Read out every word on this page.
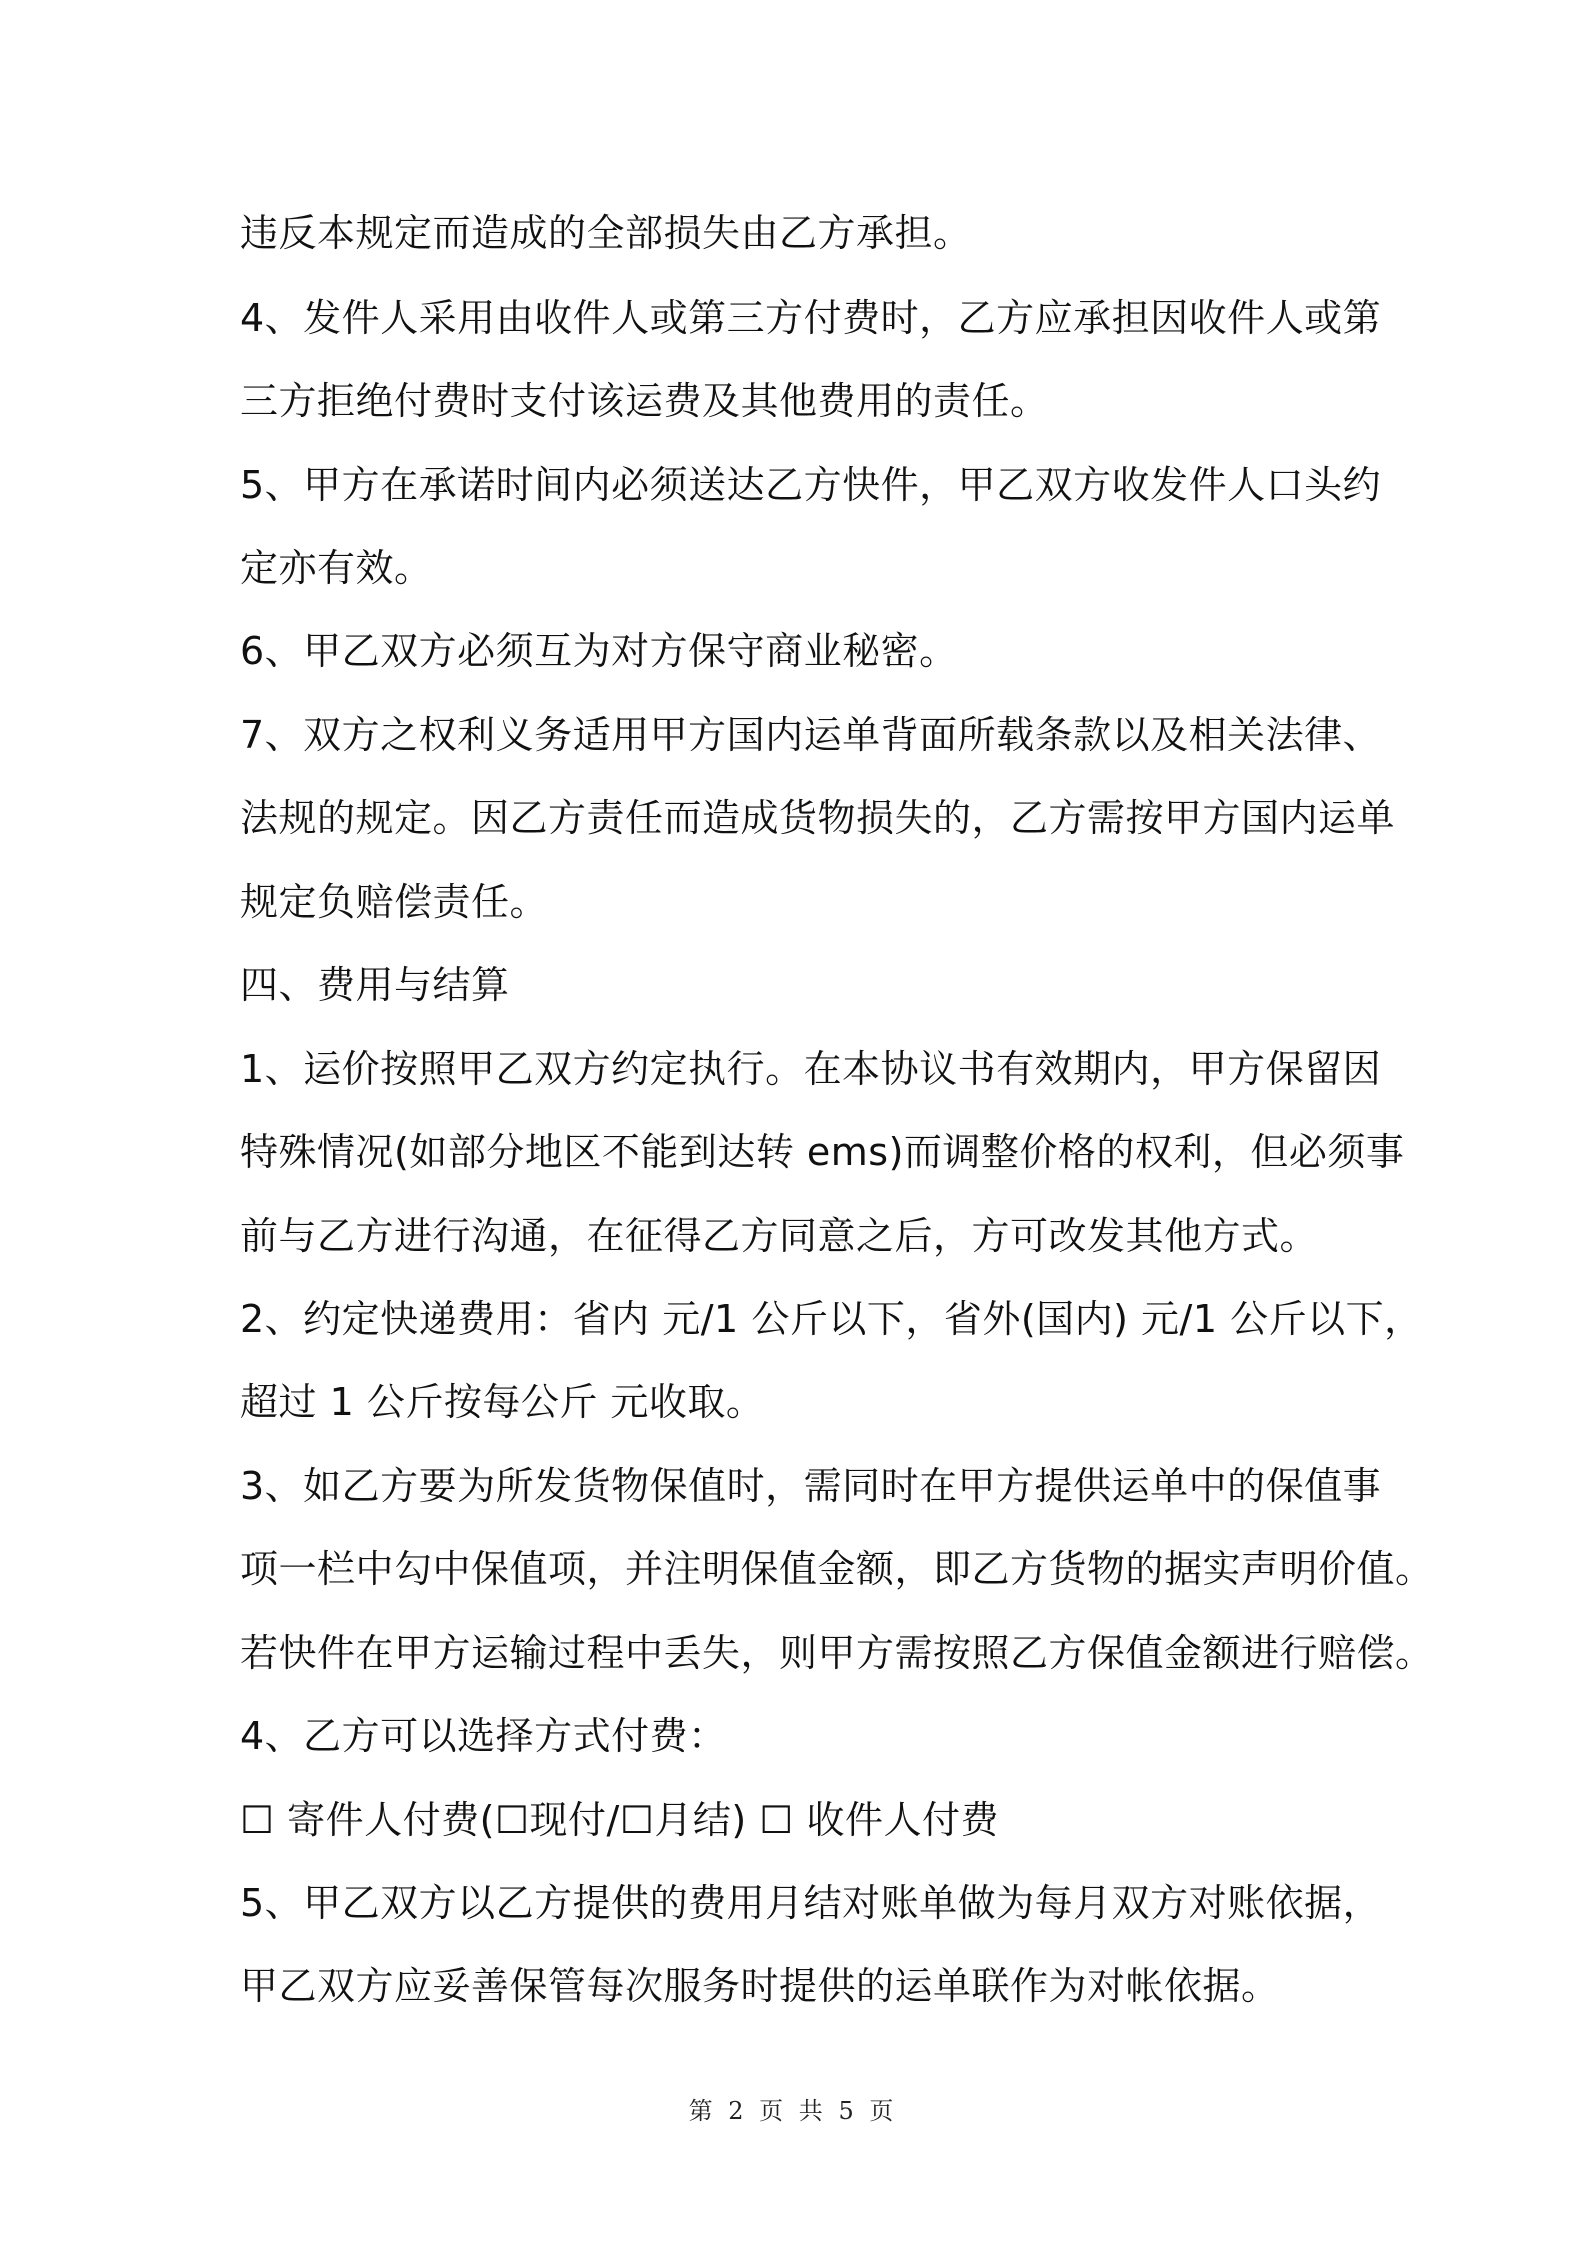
违反本规定而造成的全部损失由乙方承担。
4、发件人采用由收件人或第三方付费时，乙方应承担因收件人或第
三方拒绝付费时支付该运费及其他费用的责任。
5、甲方在承诺时间内必须送达乙方快件，甲乙双方收发件人口头约
定亦有效。
6、甲乙双方必须互为对方保守商业秘密。
7、双方之权利义务适用甲方国内运单背面所载条款以及相关法律、
法规的规定。因乙方责任而造成货物损失的，乙方需按甲方国内运单
规定负赔偿责任。
四、费用与结算
1、运价按照甲乙双方约定执行。在本协议书有效期内，甲方保留因
特殊情况(如部分地区不能到达转 ems)而调整价格的权利，但必须事
前与乙方进行沟通，在征得乙方同意之后，方可改发其他方式。
2、约定快递费用：省内 元/1 公斤以下，省外(国内) 元/1 公斤以下，
超过 1 公斤按每公斤 元收取。
3、如乙方要为所发货物保值时，需同时在甲方提供运单中的保值事
项一栏中勾中保值项，并注明保值金额，即乙方货物的据实声明价值。
若快件在甲方运输过程中丢失，则甲方需按照乙方保值金额进行赔偿。
4、乙方可以选择方式付费：
☐ 寄件人付费(☐现付/☐月结) ☐ 收件人付费
5、甲乙双方以乙方提供的费用月结对账单做为每月双方对账依据，
甲乙双方应妥善保管每次服务时提供的运单联作为对帐依据。
第 2 页 共 5 页
